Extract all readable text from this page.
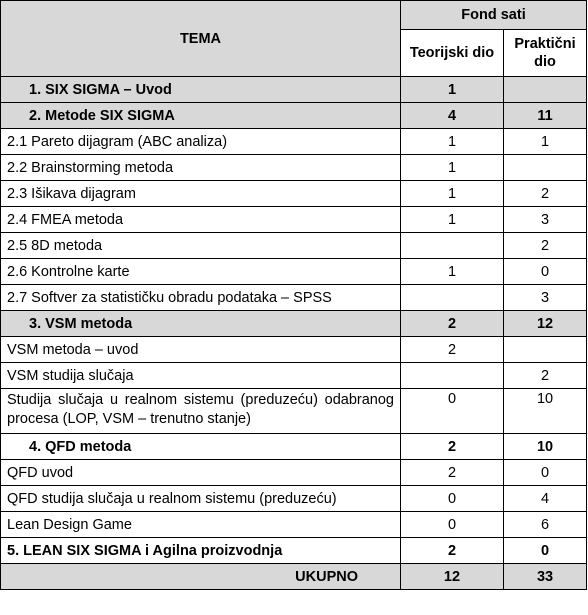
TEMA	Fond sati	
	Teorijski dio	Praktični dio
1. SIX SIGMA – Uvod	1	
2. Metode SIX SIGMA	4	11
2.1 Pareto dijagram (ABC analiza)	1	1
2.2 Brainstorming metoda	1	
2.3 Išikava dijagram	1	2
2.4 FMEA metoda	1	3
2.5 8D metoda		2
2.6 Kontrolne karte	1	0
2.7 Softver za statističku obradu podataka – SPSS		3
3. VSM metoda	2	12
VSM metoda – uvod	2	
VSM studija slučaja		2
Studija slučaja u realnom sistemu (preduzeću) odabranog procesa (LOP, VSM – trenutno stanje)	0	10
4. QFD metoda	2	10
QFD uvod	2	0
QFD studija slučaja u realnom sistemu (preduzeću)	0	4
Lean Design Game	0	6
5. LEAN SIX SIGMA i Agilna proizvodnja	2	0
UKUPNO	12	33
